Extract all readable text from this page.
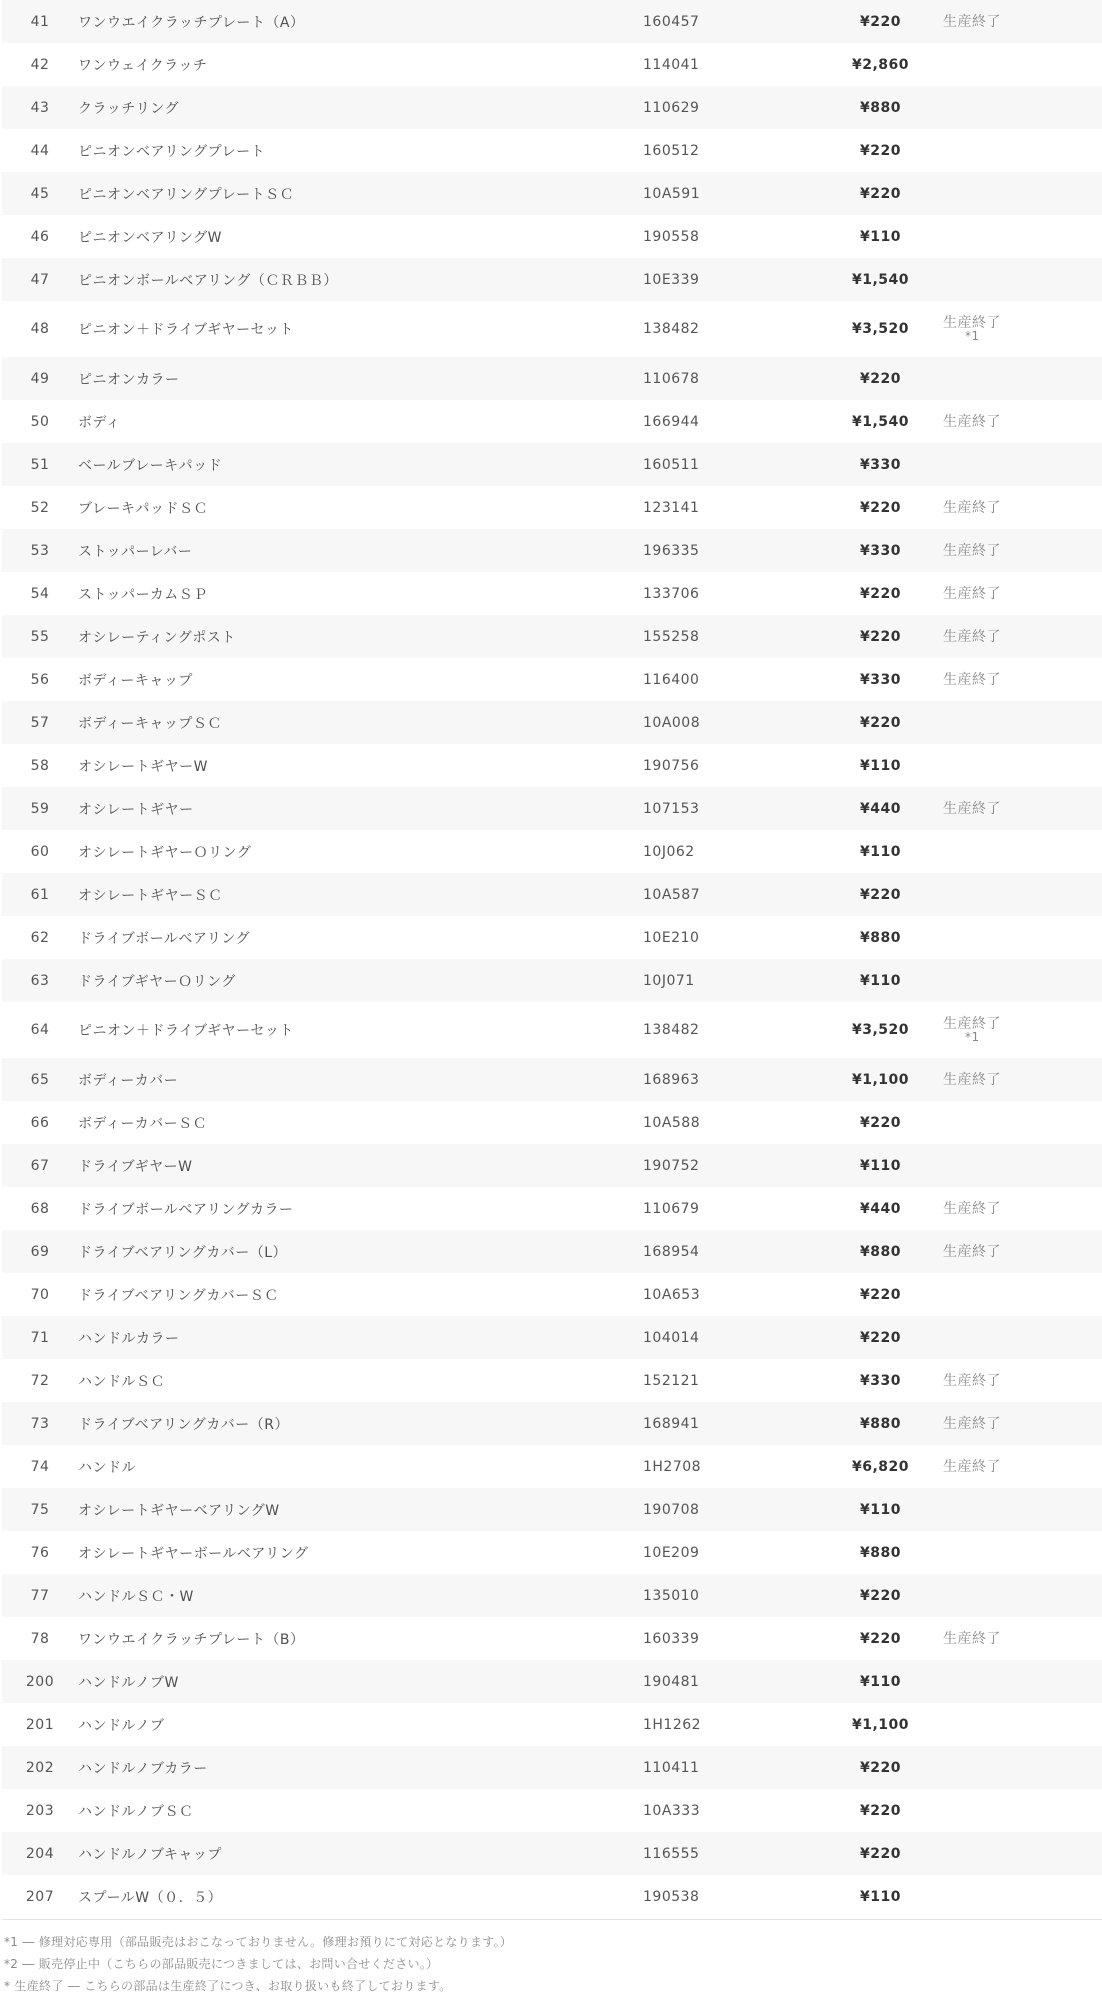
41	ワンウエイクラッチプレート（A）	160457	¥220	生産終了
42	ワンウェイクラッチ	114041	¥2,860	
43	クラッチリング	110629	¥880	
44	ピニオンベアリングプレート	160512	¥220	
45	ピニオンベアリングプレートＳＣ	10A591	¥220	
46	ピニオンベアリングW	190558	¥110	
47	ピニオンボールベアリング（ＣＲＢＢ）	10E339	¥1,540	
48	ピニオン＋ドライブギヤーセット	138482	¥3,520	生産終了
*1

49	ピニオンカラー	110678	¥220	
50	ボディ	166944	¥1,540	生産終了
51	ベールブレーキパッド	160511	¥330	
52	ブレーキパッドＳＣ	123141	¥220	生産終了
53	ストッパーレバー	196335	¥330	生産終了
54	ストッパーカムＳＰ	133706	¥220	生産終了
55	オシレーティングポスト	155258	¥220	生産終了
56	ボディーキャップ	116400	¥330	生産終了
57	ボディーキャップＳＣ	10A008	¥220	
58	オシレートギヤーW	190756	¥110	
59	オシレートギヤー	107153	¥440	生産終了
60	オシレートギヤーＯリング	10J062	¥110	
61	オシレートギヤーＳＣ	10A587	¥220	
62	ドライブボールベアリング	10E210	¥880	
63	ドライブギヤーＯリング	10J071	¥110	
64	ピニオン＋ドライブギヤーセット	138482	¥3,520	生産終了
*1

65	ボディーカバー	168963	¥1,100	生産終了
66	ボディーカバーＳＣ	10A588	¥220	
67	ドライブギヤーW	190752	¥110	
68	ドライブボールベアリングカラー	110679	¥440	生産終了
69	ドライブベアリングカバー（L）	168954	¥880	生産終了
70	ドライブベアリングカバーＳＣ	10A653	¥220	
71	ハンドルカラー	104014	¥220	
72	ハンドルＳＣ	152121	¥330	生産終了
73	ドライブベアリングカバー（R）	168941	¥880	生産終了
74	ハンドル	1H2708	¥6,820	生産終了
75	オシレートギヤーベアリングW	190708	¥110	
76	オシレートギヤーボールベアリング	10E209	¥880	
77	ハンドルＳＣ・W	135010	¥220	
78	ワンウエイクラッチプレート（B）	160339	¥220	生産終了
200	ハンドルノブW	190481	¥110	
201	ハンドルノブ	1H1262	¥1,100	
202	ハンドルノブカラー	110411	¥220	
203	ハンドルノブＳＣ	10A333	¥220	
204	ハンドルノブキャップ	116555	¥220	
207	スプールW（０．５）	190538	¥110	
*1 ― 修理対応専用（部品販売はおこなっておりません。修理お預りにて対応となります。）
*2 ― 販売停止中（こちらの部品販売につきましては、お問い合せください。）
* 生産終了 ― こちらの部品は生産終了につき、お取り扱いも終了しております。
